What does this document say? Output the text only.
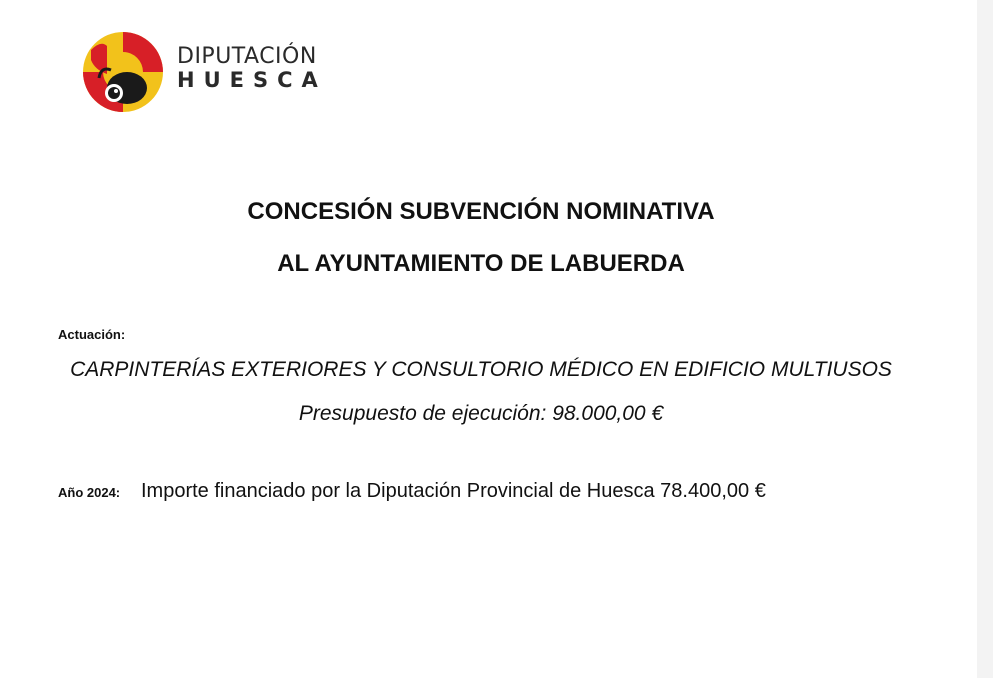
DIPUTACIÓN
HUESCA
CONCESIÓN SUBVENCIÓN NOMINATIVA
AL AYUNTAMIENTO DE LABUERDA
Actuación:
CARPINTERÍAS EXTERIORES Y CONSULTORIO MÉDICO EN EDIFICIO MULTIUSOS
Presupuesto de ejecución: 98.000,00 €
Año 2024: Importe financiado por la Diputación Provincial de Huesca 78.400,00 €
